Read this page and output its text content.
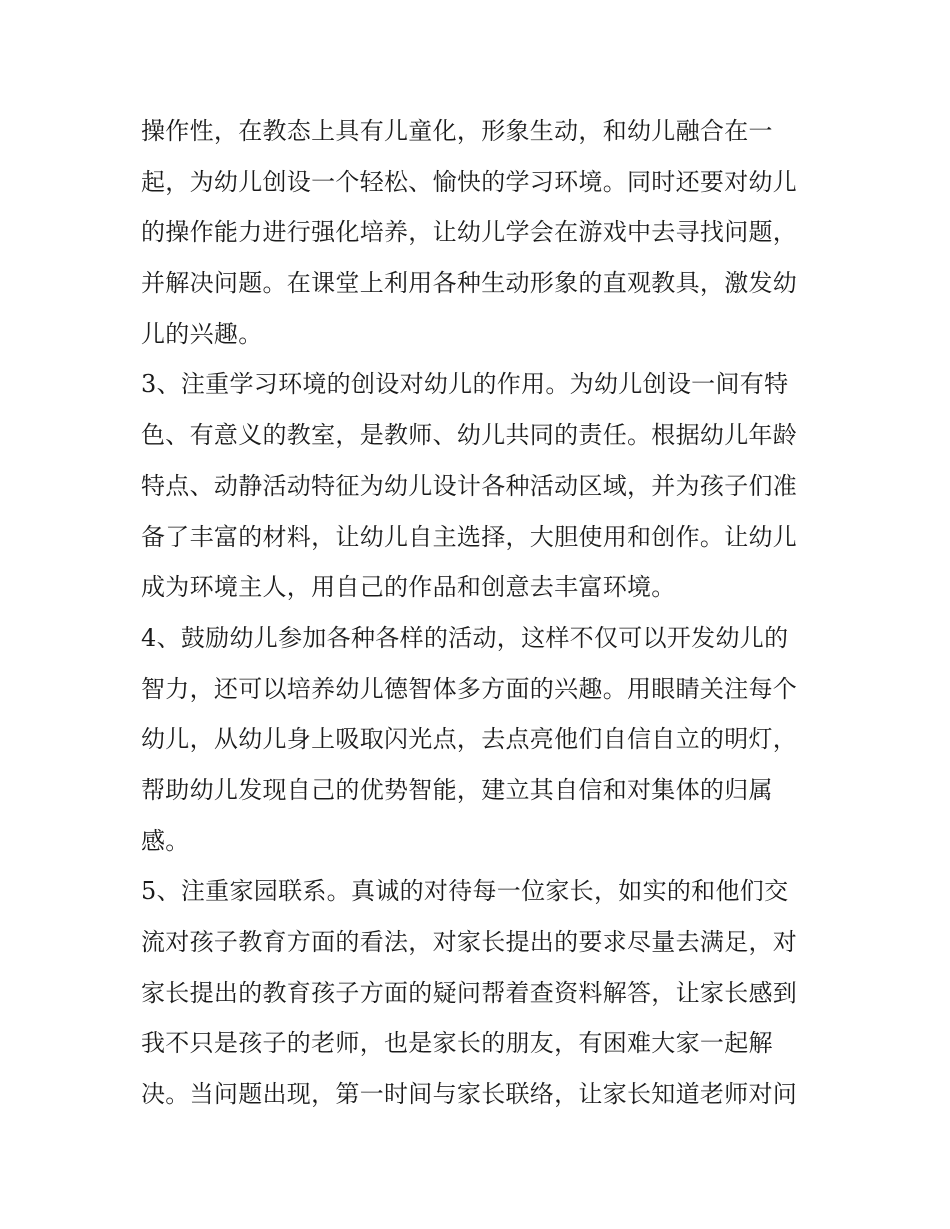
操作性，在教态上具有儿童化，形象生动，和幼儿融合在一
起，为幼儿创设一个轻松、愉快的学习环境。同时还要对幼儿
的操作能力进行强化培养，让幼儿学会在游戏中去寻找问题，
并解决问题。在课堂上利用各种生动形象的直观教具，激发幼
儿的兴趣。
3、注重学习环境的创设对幼儿的作用。为幼儿创设一间有特
色、有意义的教室，是教师、幼儿共同的责任。根据幼儿年龄
特点、动静活动特征为幼儿设计各种活动区域，并为孩子们准
备了丰富的材料，让幼儿自主选择，大胆使用和创作。让幼儿
成为环境主人，用自己的作品和创意去丰富环境。
4、鼓励幼儿参加各种各样的活动，这样不仅可以开发幼儿的
智力，还可以培养幼儿德智体多方面的兴趣。用眼睛关注每个
幼儿，从幼儿身上吸取闪光点，去点亮他们自信自立的明灯，
帮助幼儿发现自己的优势智能，建立其自信和对集体的归属
感。
5、注重家园联系。真诚的对待每一位家长，如实的和他们交
流对孩子教育方面的看法，对家长提出的要求尽量去满足，对
家长提出的教育孩子方面的疑问帮着查资料解答，让家长感到
我不只是孩子的老师，也是家长的朋友，有困难大家一起解
决。当问题出现，第一时间与家长联络，让家长知道老师对问
